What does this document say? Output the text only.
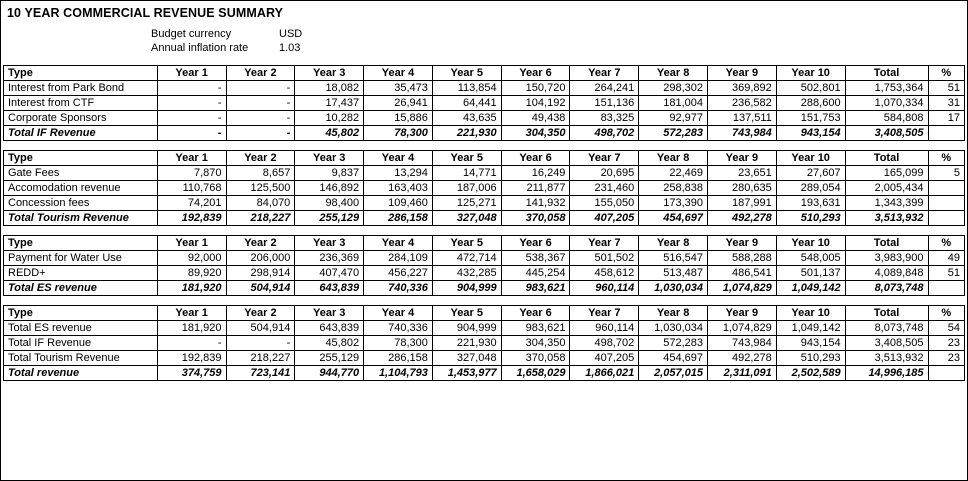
10 YEAR COMMERCIAL REVENUE SUMMARY
Budget currency	USD
Annual inflation rate	1.03
Type	Year 1	Year 2	Year 3	Year 4	Year 5	Year 6	Year 7	Year 8	Year 9	Year 10	Total	%
Interest from Park Bond	-	-	18,082	35,473	113,854	150,720	264,241	298,302	369,892	502,801	1,753,364	51
Interest from CTF	-	-	17,437	26,941	64,441	104,192	151,136	181,004	236,582	288,600	1,070,334	31
Corporate Sponsors	-	-	10,282	15,886	43,635	49,438	83,325	92,977	137,511	151,753	584,808	17
Total IF Revenue	-	-	45,802	78,300	221,930	304,350	498,702	572,283	743,984	943,154	3,408,505	
Type	Year 1	Year 2	Year 3	Year 4	Year 5	Year 6	Year 7	Year 8	Year 9	Year 10	Total	%
Gate Fees	7,870	8,657	9,837	13,294	14,771	16,249	20,695	22,469	23,651	27,607	165,099	5
Accomodation revenue	110,768	125,500	146,892	163,403	187,006	211,877	231,460	258,838	280,635	289,054	2,005,434	
Concession fees	74,201	84,070	98,400	109,460	125,271	141,932	155,050	173,390	187,991	193,631	1,343,399	
Total Tourism Revenue	192,839	218,227	255,129	286,158	327,048	370,058	407,205	454,697	492,278	510,293	3,513,932	
Type	Year 1	Year 2	Year 3	Year 4	Year 5	Year 6	Year 7	Year 8	Year 9	Year 10	Total	%
Payment for Water Use	92,000	206,000	236,369	284,109	472,714	538,367	501,502	516,547	588,288	548,005	3,983,900	49
REDD+	89,920	298,914	407,470	456,227	432,285	445,254	458,612	513,487	486,541	501,137	4,089,848	51
Total ES revenue	181,920	504,914	643,839	740,336	904,999	983,621	960,114	1,030,034	1,074,829	1,049,142	8,073,748	
Type	Year 1	Year 2	Year 3	Year 4	Year 5	Year 6	Year 7	Year 8	Year 9	Year 10	Total	%
Total ES revenue	181,920	504,914	643,839	740,336	904,999	983,621	960,114	1,030,034	1,074,829	1,049,142	8,073,748	54
Total IF Revenue	-	-	45,802	78,300	221,930	304,350	498,702	572,283	743,984	943,154	3,408,505	23
Total Tourism Revenue	192,839	218,227	255,129	286,158	327,048	370,058	407,205	454,697	492,278	510,293	3,513,932	23
Total revenue	374,759	723,141	944,770	1,104,793	1,453,977	1,658,029	1,866,021	2,057,015	2,311,091	2,502,589	14,996,185	
